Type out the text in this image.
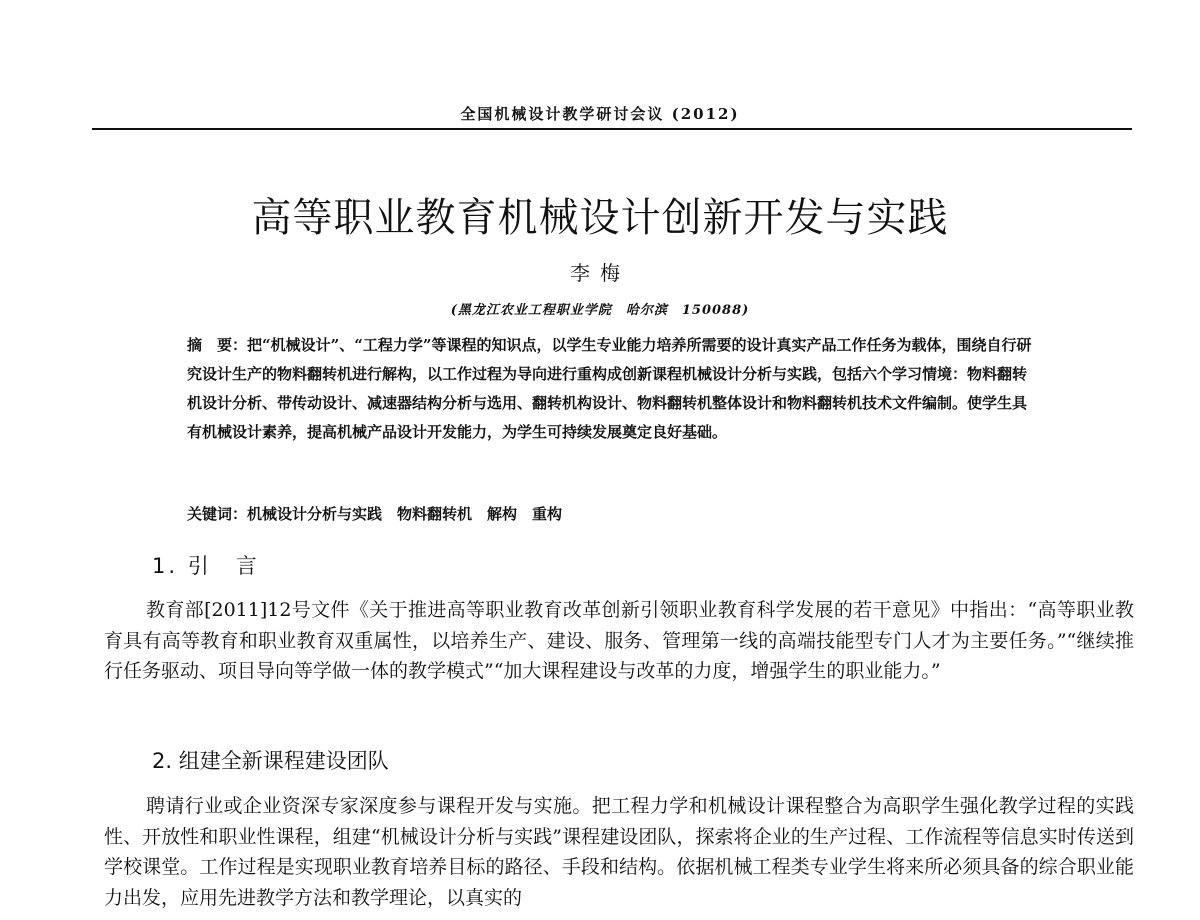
全国机械设计教学研讨会议 (2012)
高等职业教育机械设计创新开发与实践
李梅
(黑龙江农业工程职业学院　哈尔滨　150088)
摘　要：把“机械设计”、“工程力学”等课程的知识点，以学生专业能力培养所需要的设计真实产品工作任务为载体，围绕自行研究设计生产的物料翻转机进行解构，以工作过程为导向进行重构成创新课程机械设计分析与实践，包括六个学习情境：物料翻转机设计分析、带传动设计、减速器结构分析与选用、翻转机构设计、物料翻转机整体设计和物料翻转机技术文件编制。使学生具有机械设计素养，提高机械产品设计开发能力，为学生可持续发展奠定良好基础。
关键词：机械设计分析与实践　物料翻转机　解构　重构
1. 引　言
教育部[2011]12号文件《关于推进高等职业教育改革创新引领职业教育科学发展的若干意见》中指出：“高等职业教育具有高等教育和职业教育双重属性，以培养生产、建设、服务、管理第一线的高端技能型专门人才为主要任务。”“继续推行任务驱动、项目导向等学做一体的教学模式”“加大课程建设与改革的力度，增强学生的职业能力。”
2. 组建全新课程建设团队
聘请行业或企业资深专家深度参与课程开发与实施。把工程力学和机械设计课程整合为高职学生强化教学过程的实践性、开放性和职业性课程，组建“机械设计分析与实践”课程建设团队，探索将企业的生产过程、工作流程等信息实时传送到学校课堂。工作过程是实现职业教育培养目标的路径、手段和结构。依据机械工程类专业学生将来所必须具备的综合职业能力出发，应用先进教学方法和教学理论，以真实的
